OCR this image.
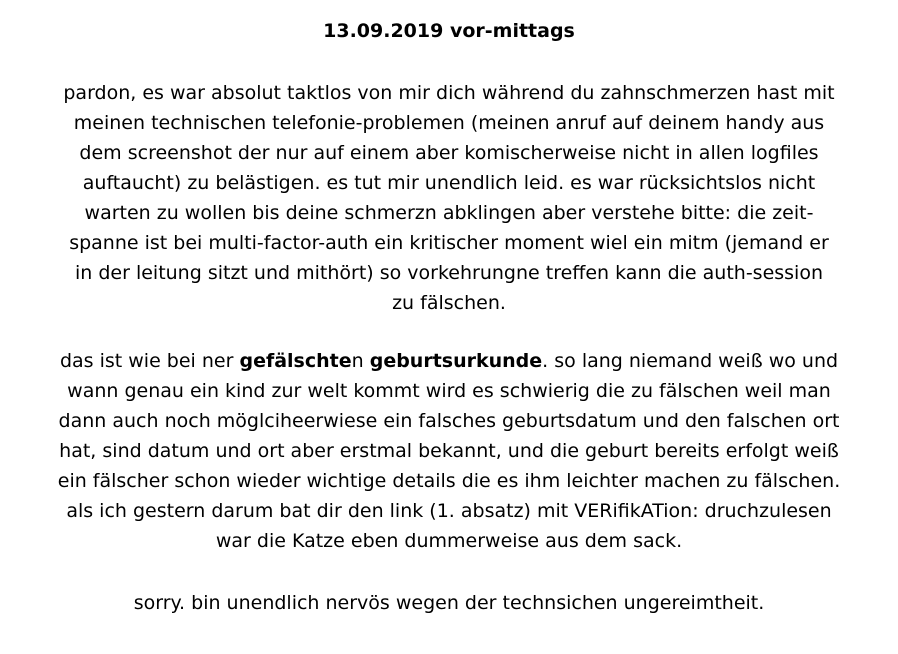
13.09.2019 vor-mittags
pardon, es war absolut taktlos von mir dich während du zahnschmerzen hast mit
meinen technischen telefonie-problemen (meinen anruf auf deinem handy aus
dem screenshot der nur auf einem aber komischerweise nicht in allen logfiles
auftaucht) zu belästigen. es tut mir unendlich leid. es war rücksichtslos nicht
warten zu wollen bis deine schmerzn abklingen aber verstehe bitte: die zeit-
spanne ist bei multi-factor-auth ein kritischer moment wiel ein mitm (jemand er
in der leitung sitzt und mithört) so vorkehrungne treffen kann die auth-session
zu fälschen.
das ist wie bei ner gefälschten geburtsurkunde. so lang niemand weiß wo und
wann genau ein kind zur welt kommt wird es schwierig die zu fälschen weil man
dann auch noch möglciheerwiese ein falsches geburtsdatum und den falschen ort
hat, sind datum und ort aber erstmal bekannt, und die geburt bereits erfolgt weiß
ein fälscher schon wieder wichtige details die es ihm leichter machen zu fälschen.
als ich gestern darum bat dir den link (1. absatz) mit VERifikATion: druchzulesen
war die Katze eben dummerweise aus dem sack.
sorry. bin unendlich nervös wegen der technsichen ungereimtheit.
